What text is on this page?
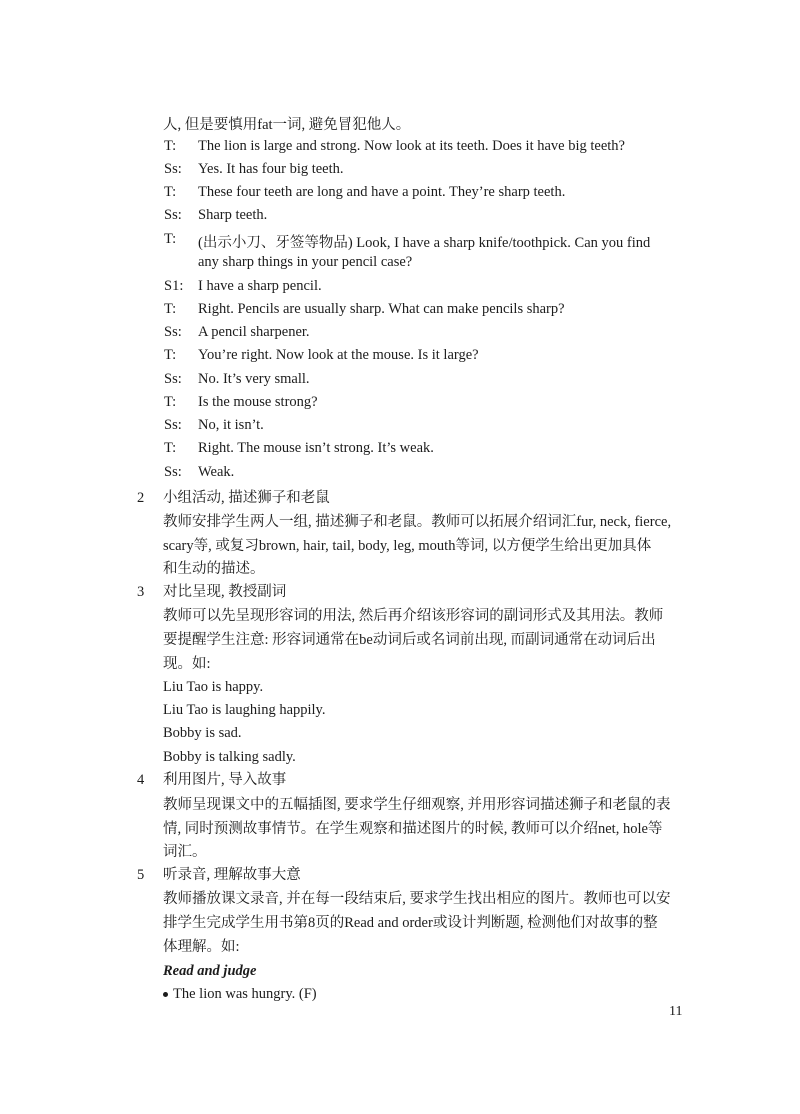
人, 但是要慎用fat一词, 避免冒犯他人。
T:	The lion is large and strong. Now look at its teeth. Does it have big teeth?
Ss:	Yes. It has four big teeth.
T:	These four teeth are long and have a point. They’re sharp teeth.
Ss:	Sharp teeth.
T:	(出示小刀、牙签等物品) Look, I have a sharp knife/toothpick. Can you find
any sharp things in your pencil case?
S1:	I have a sharp pencil.
T:	Right. Pencils are usually sharp. What can make pencils sharp?
Ss:	A pencil sharpener.
T:	You’re right. Now look at the mouse. Is it large?
Ss:	No. It’s very small.
T:	Is the mouse strong?
Ss:	No, it isn’t.
T:	Right. The mouse isn’t strong. It’s weak.
Ss:	Weak.
2 小组活动, 描述狮子和老鼠
教师安排学生两人一组, 描述狮子和老鼠。教师可以拓展介绍词汇fur, neck, fierce,
scary等, 或复习brown, hair, tail, body, leg, mouth等词, 以方便学生给出更加具体
和生动的描述。
3 对比呈现, 教授副词
教师可以先呈现形容词的用法, 然后再介绍该形容词的副词形式及其用法。教师
要提醒学生注意: 形容词通常在be动词后或名词前出现, 而副词通常在动词后出
现。如:
Liu Tao is happy.
Liu Tao is laughing happily.
Bobby is sad.
Bobby is talking sadly.
4 利用图片, 导入故事
教师呈现课文中的五幅插图, 要求学生仔细观察, 并用形容词描述狮子和老鼠的表
情, 同时预测故事情节。在学生观察和描述图片的时候, 教师可以介绍net, hole等
词汇。
5 听录音, 理解故事大意
教师播放课文录音, 并在每一段结束后, 要求学生找出相应的图片。教师也可以安
排学生完成学生用书第8页的Read and order或设计判断题, 检测他们对故事的整
体理解。如:
Read and judge
The lion was hungry. (F)
11
